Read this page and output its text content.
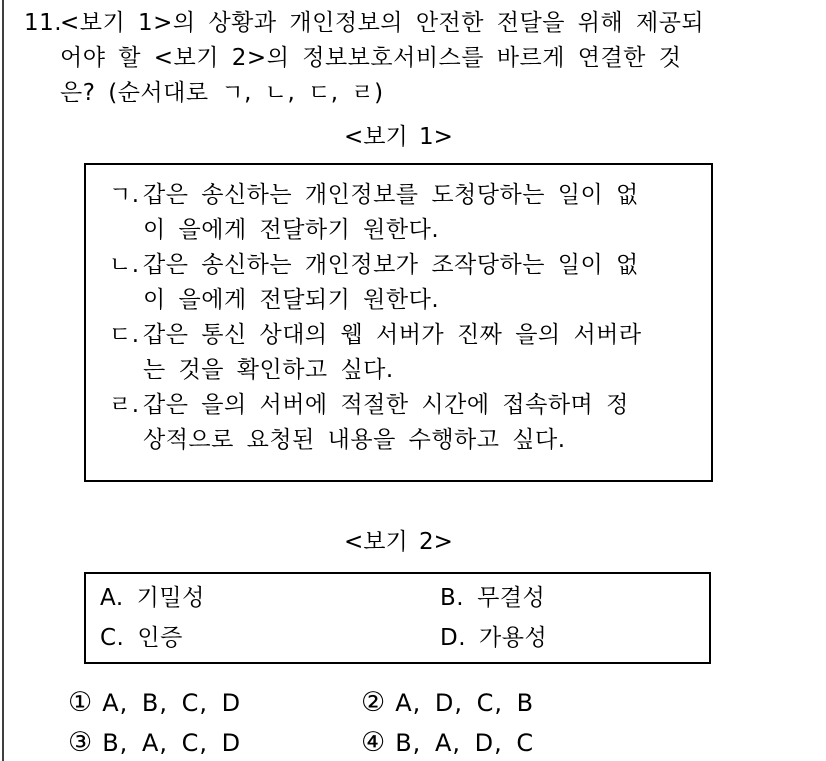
11.
<보기 1>의 상황과 개인정보의 안전한 전달을 위해 제공되
어야 할 <보기 2>의 정보보호서비스를 바르게 연결한 것
은? (순서대로 ㄱ, ㄴ, ㄷ, ㄹ)
<보기 1>
ㄱ. 갑은 송신하는 개인정보를 도청당하는 일이 없
이 을에게 전달하기 원한다.
ㄴ. 갑은 송신하는 개인정보가 조작당하는 일이 없
이 을에게 전달되기 원한다.
ㄷ. 갑은 통신 상대의 웹 서버가 진짜 을의 서버라
는 것을 확인하고 싶다.
ㄹ. 갑은 을의 서버에 적절한 시간에 접속하며 정
상적으로 요청된 내용을 수행하고 싶다.
<보기 2>
A. 기밀성	B. 무결성
C. 인증	D. 가용성
① A, B, C, D	② A, D, C, B
③ B, A, C, D	④ B, A, D, C
